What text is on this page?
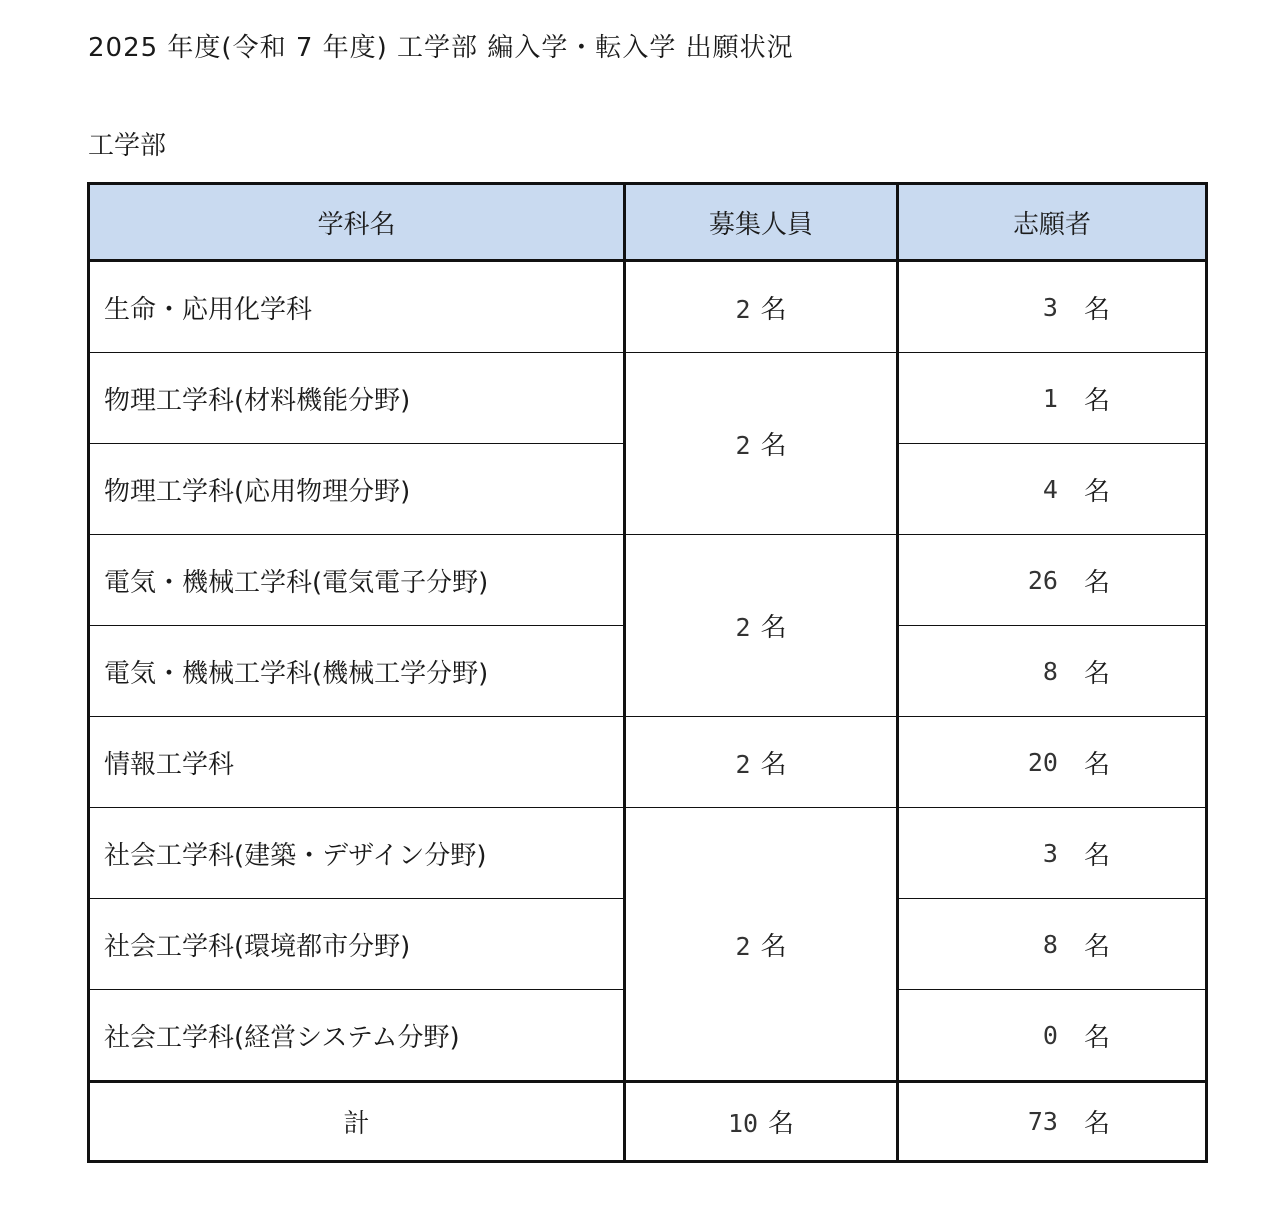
2025 年度(令和 7 年度) 工学部 編入学・転入学 出願状況
工学部
学科名	募集人員	志願者
生命・応用化学科	2 名	3 名

物理工学科(材料機能分野)	2 名	1 名

物理工学科(応用物理分野)		4 名

電気・機械工学科(電気電子分野)	2 名	26 名

電気・機械工学科(機械工学分野)		8 名

情報工学科	2 名	20 名

社会工学科(建築・デザイン分野)	2 名	3 名

社会工学科(環境都市分野)		8 名

社会工学科(経営システム分野)		0 名

計	10 名	73 名
